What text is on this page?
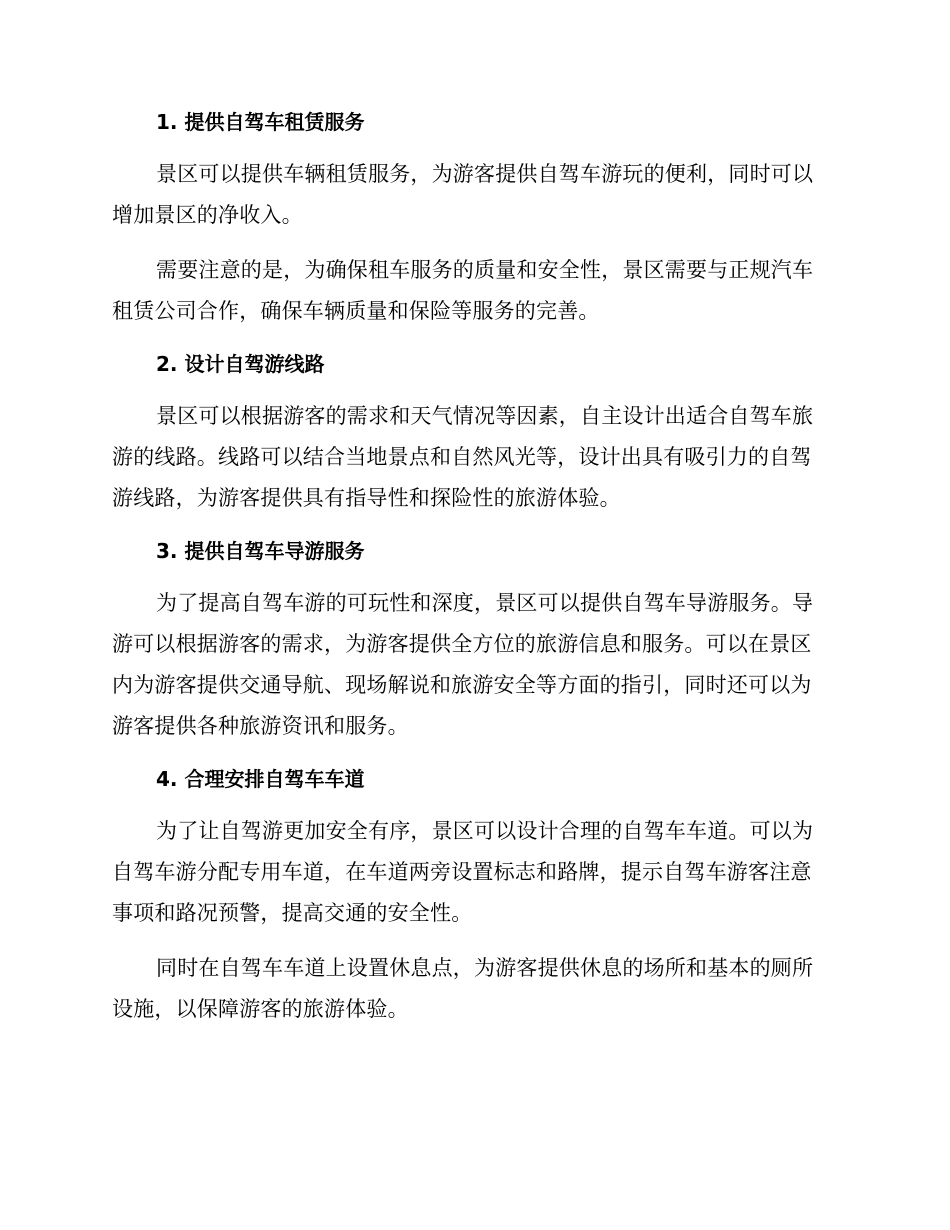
1. 提供自驾车租赁服务
景区可以提供车辆租赁服务，为游客提供自驾车游玩的便利，同时可以
增加景区的净收入。
需要注意的是，为确保租车服务的质量和安全性，景区需要与正规汽车
租赁公司合作，确保车辆质量和保险等服务的完善。
2. 设计自驾游线路
景区可以根据游客的需求和天气情况等因素，自主设计出适合自驾车旅
游的线路。线路可以结合当地景点和自然风光等，设计出具有吸引力的自驾
游线路，为游客提供具有指导性和探险性的旅游体验。
3. 提供自驾车导游服务
为了提高自驾车游的可玩性和深度，景区可以提供自驾车导游服务。导
游可以根据游客的需求，为游客提供全方位的旅游信息和服务。可以在景区
内为游客提供交通导航、现场解说和旅游安全等方面的指引，同时还可以为
游客提供各种旅游资讯和服务。
4. 合理安排自驾车车道
为了让自驾游更加安全有序，景区可以设计合理的自驾车车道。可以为
自驾车游分配专用车道，在车道两旁设置标志和路牌，提示自驾车游客注意
事项和路况预警，提高交通的安全性。
同时在自驾车车道上设置休息点，为游客提供休息的场所和基本的厕所
设施，以保障游客的旅游体验。
